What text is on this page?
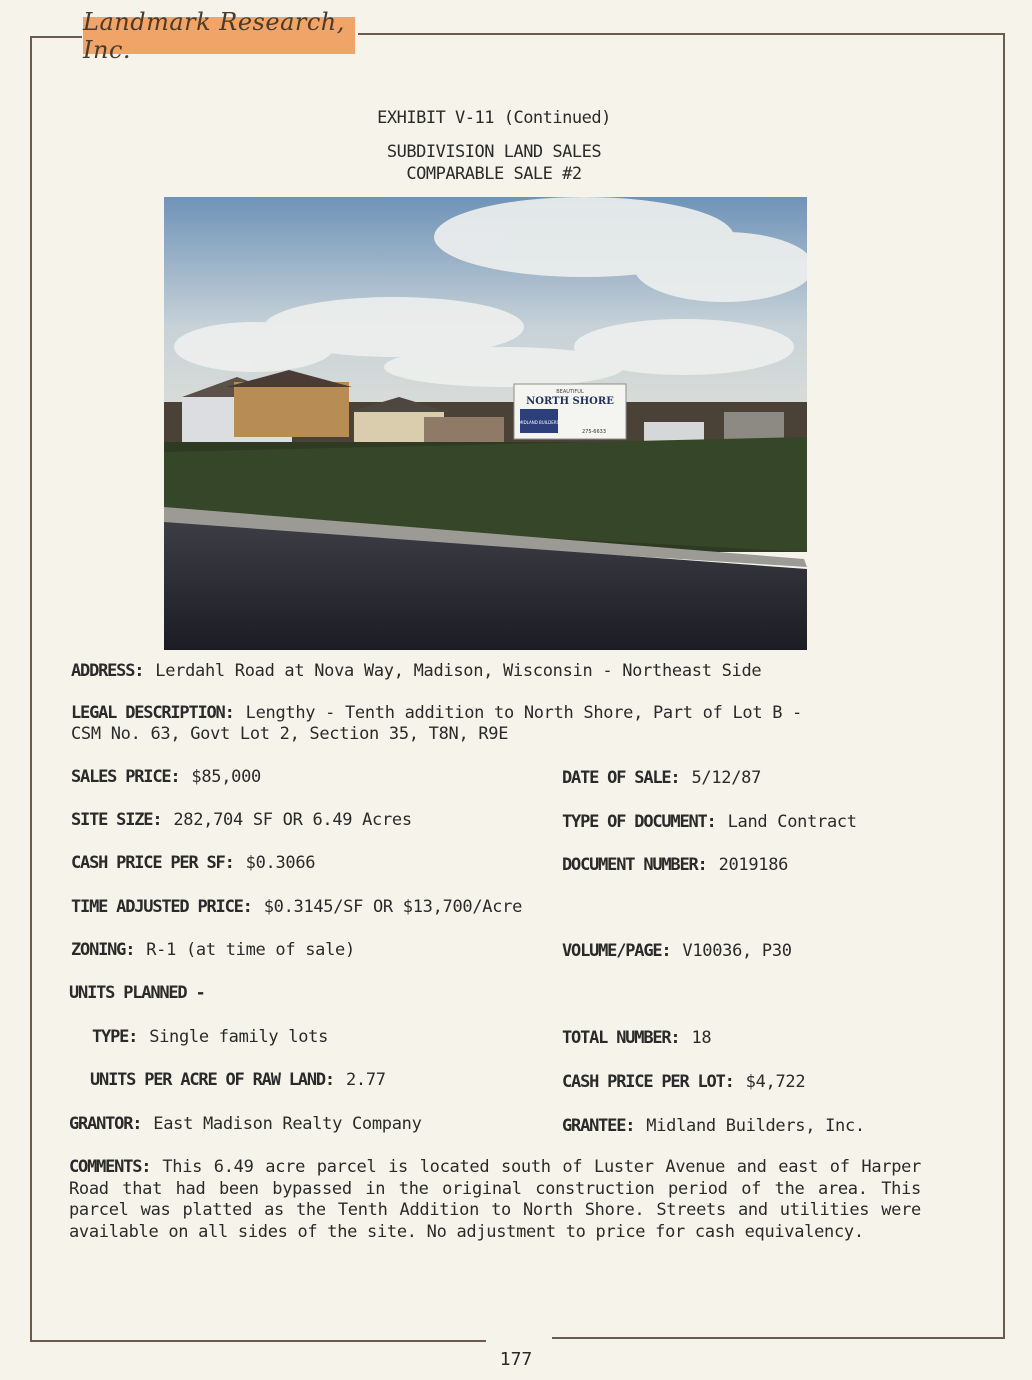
Landmark Research, Inc.
EXHIBIT V-11 (Continued)
SUBDIVISION LAND SALES
COMPARABLE SALE #2
BEAUTIFUL
NORTH SHORE
MIDLAND BUILDERS
275-6633
ADDRESS: Lerdahl Road at Nova Way, Madison, Wisconsin - Northeast Side
LEGAL DESCRIPTION: Lengthy - Tenth addition to North Shore, Part of Lot B -
CSM No. 63, Govt Lot 2, Section 35, T8N, R9E
SALES PRICE: $85,000	DATE OF SALE: 5/12/87
SITE SIZE: 282,704 SF OR 6.49 Acres	TYPE OF DOCUMENT: Land Contract
CASH PRICE PER SF: $0.3066	DOCUMENT NUMBER: 2019186
TIME ADJUSTED PRICE: $0.3145/SF OR $13,700/Acre
ZONING: R-1 (at time of sale)	VOLUME/PAGE: V10036, P30
UNITS PLANNED -
TYPE: Single family lots	TOTAL NUMBER: 18
UNITS PER ACRE OF RAW LAND: 2.77	CASH PRICE PER LOT: $4,722
GRANTOR: East Madison Realty Company	GRANTEE: Midland Builders, Inc.
COMMENTS: This 6.49 acre parcel is located south of Luster Avenue and east of Harper Road that had been bypassed in the original construction period of the area. This parcel was platted as the Tenth Addition to North Shore. Streets and utilities were available on all sides of the site. No adjustment to price for cash equivalency.
177
